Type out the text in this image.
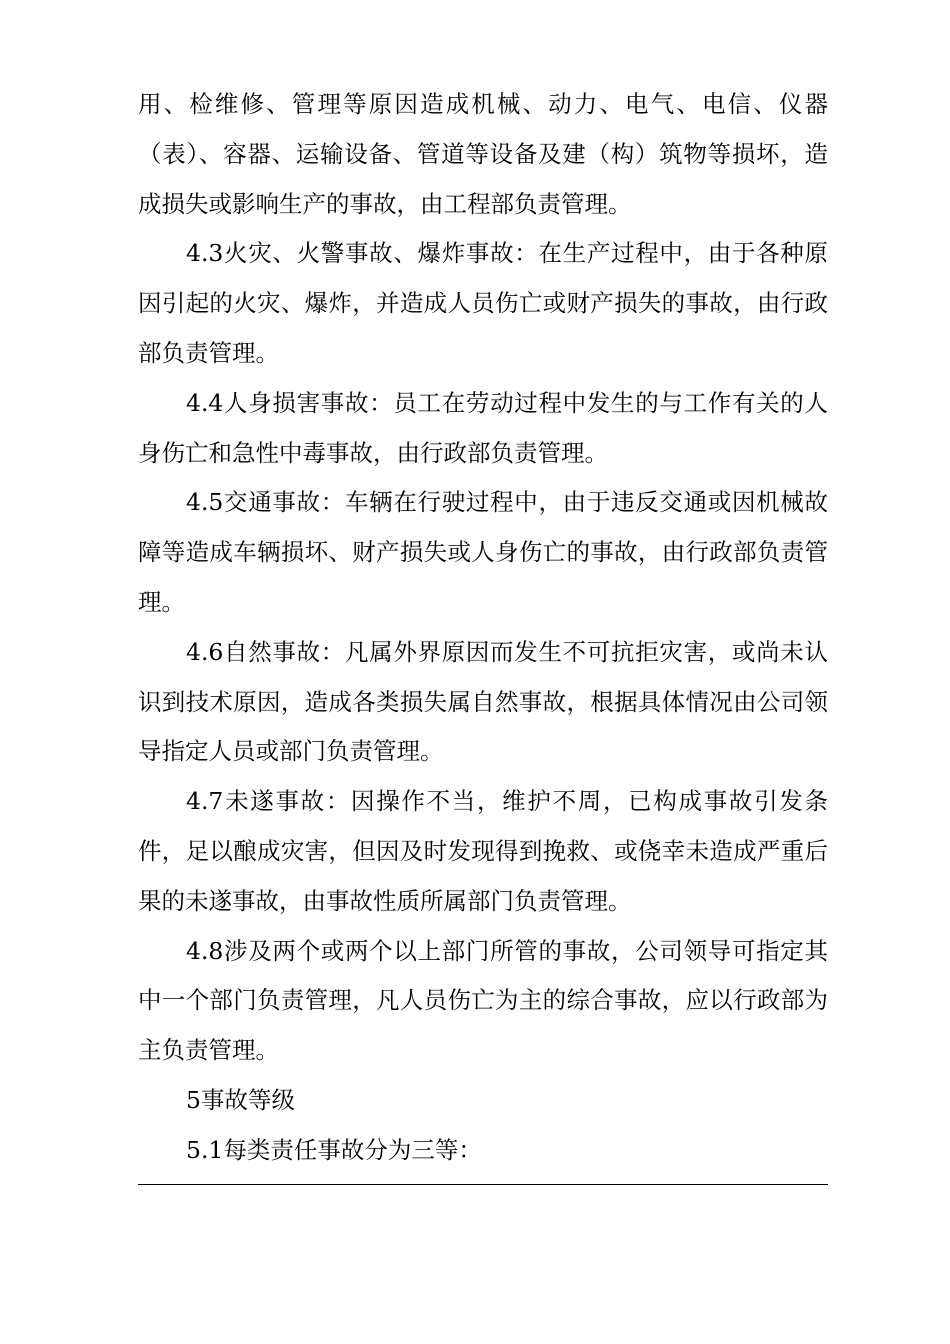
用、检维修、管理等原因造成机械、动力、电气、电信、仪器（表）、容器、运输设备、管道等设备及建（构）筑物等损坏，造成损失或影响生产的事故，由工程部负责管理。

4.3火灾、火警事故、爆炸事故：在生产过程中，由于各种原因引起的火灾、爆炸，并造成人员伤亡或财产损失的事故，由行政部负责管理。

4.4人身损害事故：员工在劳动过程中发生的与工作有关的人身伤亡和急性中毒事故，由行政部负责管理。

4.5交通事故：车辆在行驶过程中，由于违反交通或因机械故障等造成车辆损坏、财产损失或人身伤亡的事故，由行政部负责管理。

4.6自然事故：凡属外界原因而发生不可抗拒灾害，或尚未认识到技术原因，造成各类损失属自然事故，根据具体情况由公司领导指定人员或部门负责管理。

4.7未遂事故：因操作不当，维护不周，已构成事故引发条件，足以酿成灾害，但因及时发现得到挽救、或侥幸未造成严重后果的未遂事故，由事故性质所属部门负责管理。

4.8涉及两个或两个以上部门所管的事故，公司领导可指定其中一个部门负责管理，凡人员伤亡为主的综合事故，应以行政部为主负责管理。

5事故等级

5.1每类责任事故分为三等：
